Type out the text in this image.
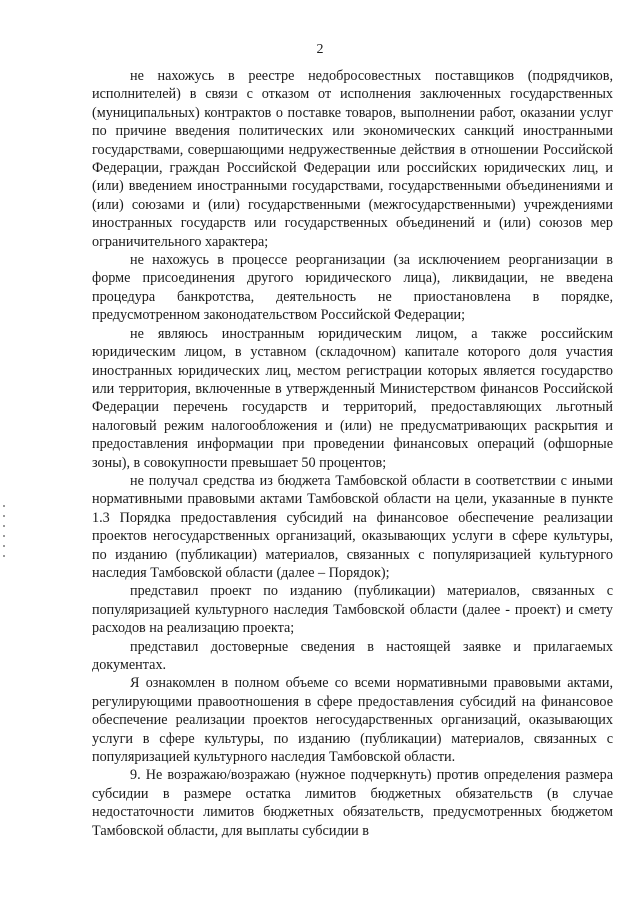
2

не нахожусь в реестре недобросовестных поставщиков (подрядчиков, исполнителей) в связи с отказом от исполнения заключенных государственных (муниципальных) контрактов о поставке товаров, выполнении работ, оказании услуг по причине введения политических или экономических санкций иностранными государствами, совершающими недружественные действия в отношении Российской Федерации, граждан Российской Федерации или российских юридических лиц, и (или) введением иностранными государствами, государственными объединениями и (или) союзами и (или) государственными (межгосударственными) учреждениями иностранных государств или государственных объединений и (или) союзов мер ограничительного характера;

не нахожусь в процессе реорганизации (за исключением реорганизации в форме присоединения другого юридического лица), ликвидации, не введена процедура банкротства, деятельность не приостановлена в порядке, предусмотренном законодательством Российской Федерации;

не являюсь иностранным юридическим лицом, а также российским юридическим лицом, в уставном (складочном) капитале которого доля участия иностранных юридических лиц, местом регистрации которых является государство или территория, включенные в утвержденный Министерством финансов Российской Федерации перечень государств и территорий, предоставляющих льготный налоговый режим налогообложения и (или) не предусматривающих раскрытия и предоставления информации при проведении финансовых операций (офшорные зоны), в совокупности превышает 50 процентов;

не получал средства из бюджета Тамбовской области в соответствии с иными нормативными правовыми актами Тамбовской области на цели, указанные в пункте 1.3 Порядка предоставления субсидий на финансовое обеспечение реализации проектов негосударственных организаций, оказывающих услуги в сфере культуры, по изданию (публикации) материалов, связанных с популяризацией культурного наследия Тамбовской области (далее – Порядок);

представил проект по изданию (публикации) материалов, связанных с популяризацией культурного наследия Тамбовской области (далее - проект) и смету расходов на реализацию проекта;

представил достоверные сведения в настоящей заявке и прилагаемых документах.

Я ознакомлен в полном объеме со всеми нормативными правовыми актами, регулирующими правоотношения в сфере предоставления субсидий на финансовое обеспечение реализации проектов негосударственных организаций, оказывающих услуги в сфере культуры, по изданию (публикации) материалов, связанных с популяризацией культурного наследия Тамбовской области.

9. Не возражаю/возражаю (нужное подчеркнуть) против определения размера субсидии в размере остатка лимитов бюджетных обязательств (в случае недостаточности лимитов бюджетных обязательств, предусмотренных бюджетом Тамбовской области, для выплаты субсидии в
